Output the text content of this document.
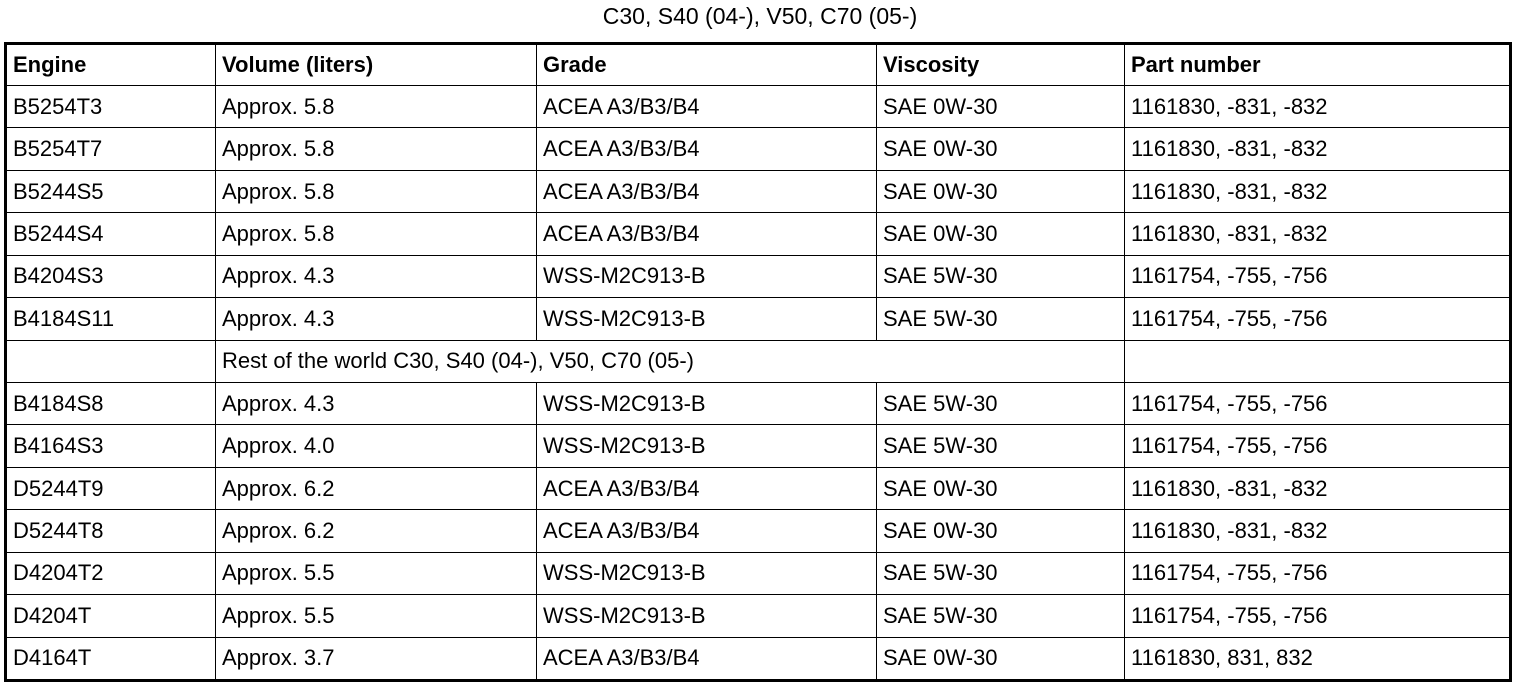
C30, S40 (04-), V50, C70 (05-)
Engine	Volume (liters)	Grade	Viscosity	Part number
B5254T3	Approx. 5.8	ACEA A3/B3/B4	SAE 0W-30	1161830, -831, -832
B5254T7	Approx. 5.8	ACEA A3/B3/B4	SAE 0W-30	1161830, -831, -832
B5244S5	Approx. 5.8	ACEA A3/B3/B4	SAE 0W-30	1161830, -831, -832
B5244S4	Approx. 5.8	ACEA A3/B3/B4	SAE 0W-30	1161830, -831, -832
B4204S3	Approx. 4.3	WSS-M2C913-B	SAE 5W-30	1161754, -755, -756
B4184S11	Approx. 4.3	WSS-M2C913-B	SAE 5W-30	1161754, -755, -756
	Rest of the world C30, S40 (04-), V50, C70 (05-)			
B4184S8	Approx. 4.3	WSS-M2C913-B	SAE 5W-30	1161754, -755, -756
B4164S3	Approx. 4.0	WSS-M2C913-B	SAE 5W-30	1161754, -755, -756
D5244T9	Approx. 6.2	ACEA A3/B3/B4	SAE 0W-30	1161830, -831, -832
D5244T8	Approx. 6.2	ACEA A3/B3/B4	SAE 0W-30	1161830, -831, -832
D4204T2	Approx. 5.5	WSS-M2C913-B	SAE 5W-30	1161754, -755, -756
D4204T	Approx. 5.5	WSS-M2C913-B	SAE 5W-30	1161754, -755, -756
D4164T	Approx. 3.7	ACEA A3/B3/B4	SAE 0W-30	1161830, 831, 832
